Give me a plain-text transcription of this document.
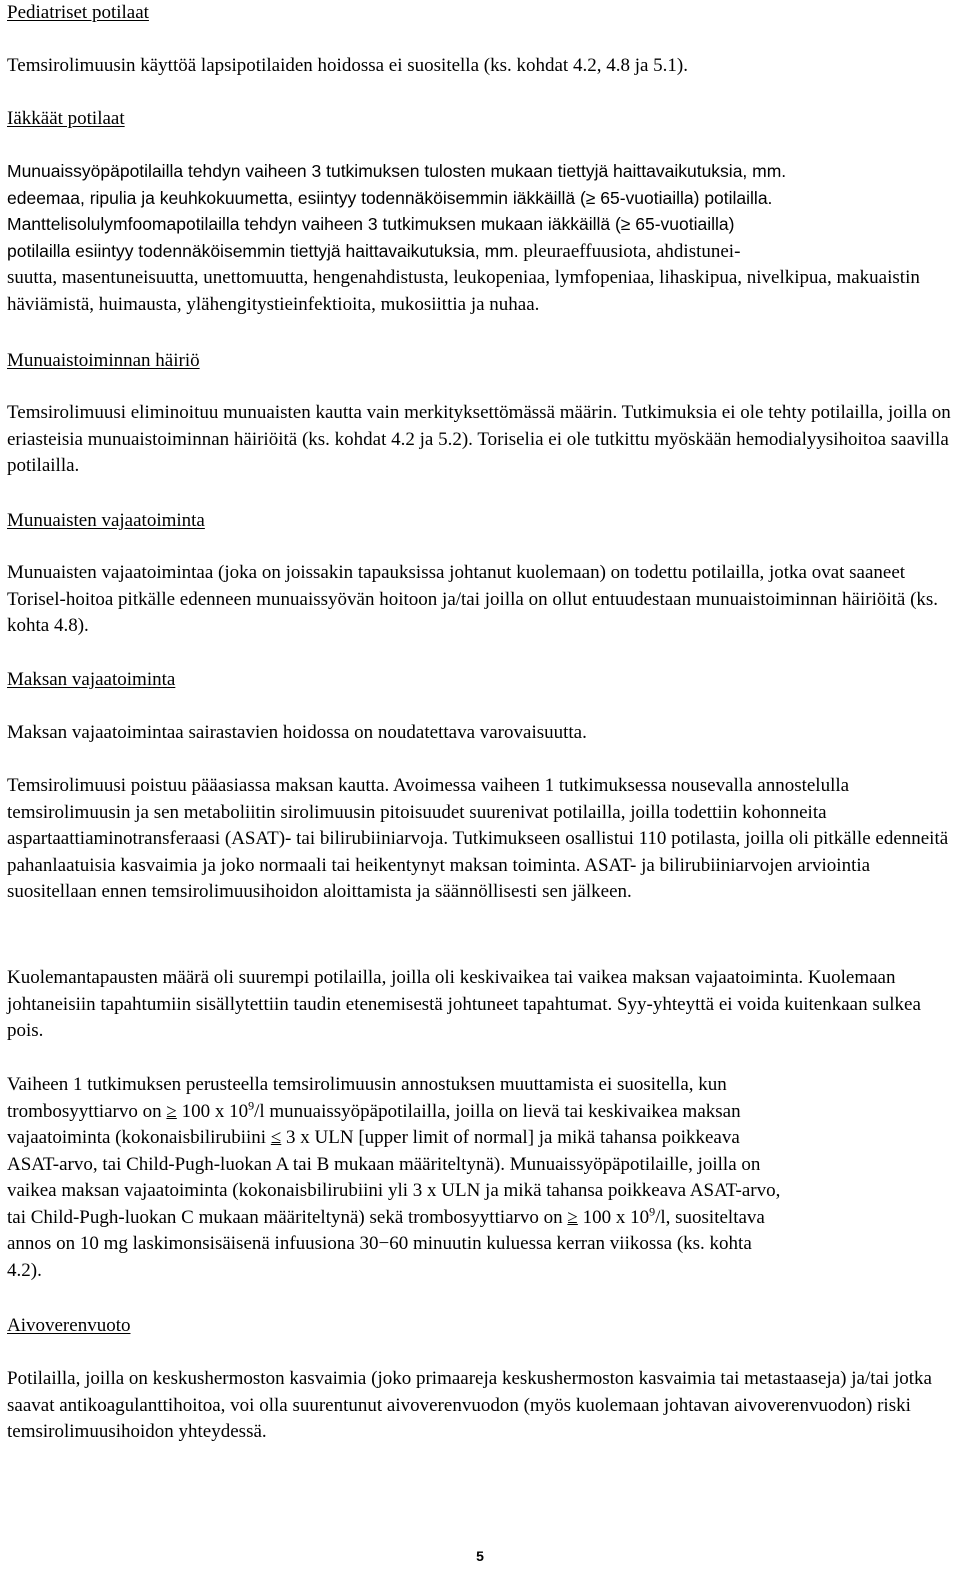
Pediatriset potilaat

Temsirolimuusin käyttöä lapsipotilaiden hoidossa ei suositella (ks. kohdat 4.2, 4.8 ja 5.1).

Iäkkäät potilaat
Munuaissyöpäpotilailla tehdyn vaiheen 3 tutkimuksen tulosten mukaan tiettyjä haittavaikutuksia, mm.
edeemaa, ripulia ja keuhkokuumetta, esiintyy todennäköisemmin iäkkäillä (≥ 65-vuotiailla) potilailla.
Manttelisolulymfoomapotilailla tehdyn vaiheen 3 tutkimuksen mukaan iäkkäillä (≥ 65-vuotiailla)
potilailla esiintyy todennäköisemmin tiettyjä haittavaikutuksia, mm. pleuraeffuusiota, ahdistunei-
suutta, masentuneisuutta, unettomuutta, hengenahdistusta, leukopeniaa, lymfopeniaa, lihaskipua, nivelkipua, makuaistin häviämistä, huimausta, ylähengitystieinfektioita, mukosiittia ja nuhaa.
Munuaistoiminnan häiriö

Temsirolimuusi eliminoituu munuaisten kautta vain merkityksettömässä määrin. Tutkimuksia ei ole tehty potilailla, joilla on eriasteisia munuaistoiminnan häiriöitä (ks. kohdat 4.2 ja 5.2). Toriselia ei ole tutkittu myöskään hemodialyysihoitoa saavilla potilailla.

Munuaisten vajaatoiminta

Munuaisten vajaatoimintaa (joka on joissakin tapauksissa johtanut kuolemaan) on todettu potilailla, jotka ovat saaneet Torisel-hoitoa pitkälle edenneen munuaissyövän hoitoon ja/tai joilla on ollut entuudestaan munuaistoiminnan häiriöitä (ks. kohta 4.8).

Maksan vajaatoiminta

Maksan vajaatoimintaa sairastavien hoidossa on noudatettava varovaisuutta.

Temsirolimuusi poistuu pääasiassa maksan kautta. Avoimessa vaiheen 1 tutkimuksessa nousevalla annostelulla temsirolimuusin ja sen metaboliitin sirolimuusin pitoisuudet suurenivat potilailla, joilla todettiin kohonneita aspartaattiaminotransferaasi (ASAT)- tai bilirubiiniarvoja. Tutkimukseen osallistui 110 potilasta, joilla oli pitkälle edenneitä pahanlaatuisia kasvaimia ja joko normaali tai heikentynyt maksan toiminta. ASAT- ja bilirubiiniarvojen arviointia suositellaan ennen temsirolimuusihoidon aloittamista ja säännöllisesti sen jälkeen.

Kuolemantapausten määrä oli suurempi potilailla, joilla oli keskivaikea tai vaikea maksan vajaatoiminta. Kuolemaan johtaneisiin tapahtumiin sisällytettiin taudin etenemisestä johtuneet tapahtumat. Syy-yhteyttä ei voida kuitenkaan sulkea pois.

Vaiheen 1 tutkimuksen perusteella temsirolimuusin annostuksen muuttamista ei suositella, kun
trombosyyttiarvo on ≥ 100 x $10^9/l$ munuaissyöpäpotilailla, joilla on lievä tai keskivaikea maksan
vajaatoiminta (kokonaisbilirubiini ≤ 3 x ULN [upper limit of normal] ja mikä tahansa poikkeava
ASAT-arvo, tai Child-Pugh-luokan A tai B mukaan määriteltynä). Munuaissyöpäpotilaille, joilla on
vaikea maksan vajaatoiminta (kokonaisbilirubiini yli 3 x ULN ja mikä tahansa poikkeava ASAT-arvo,
tai Child-Pugh-luokan C mukaan määriteltynä) sekä trombosyyttiarvo on ≥ 100 x $10^9/l$, suositeltava
annos on 10 mg laskimonsisäisenä infuusiona 30−60 minuutin kuluessa kerran viikossa (ks. kohta
4.2).
Aivoverenvuoto

Potilailla, joilla on keskushermoston kasvaimia (joko primaareja keskushermoston kasvaimia tai metastaaseja) ja/tai jotka saavat antikoagulanttihoitoa, voi olla suurentunut aivoverenvuodon (myös kuolemaan johtavan aivoverenvuodon) riski temsirolimuusihoidon yhteydessä.

5
